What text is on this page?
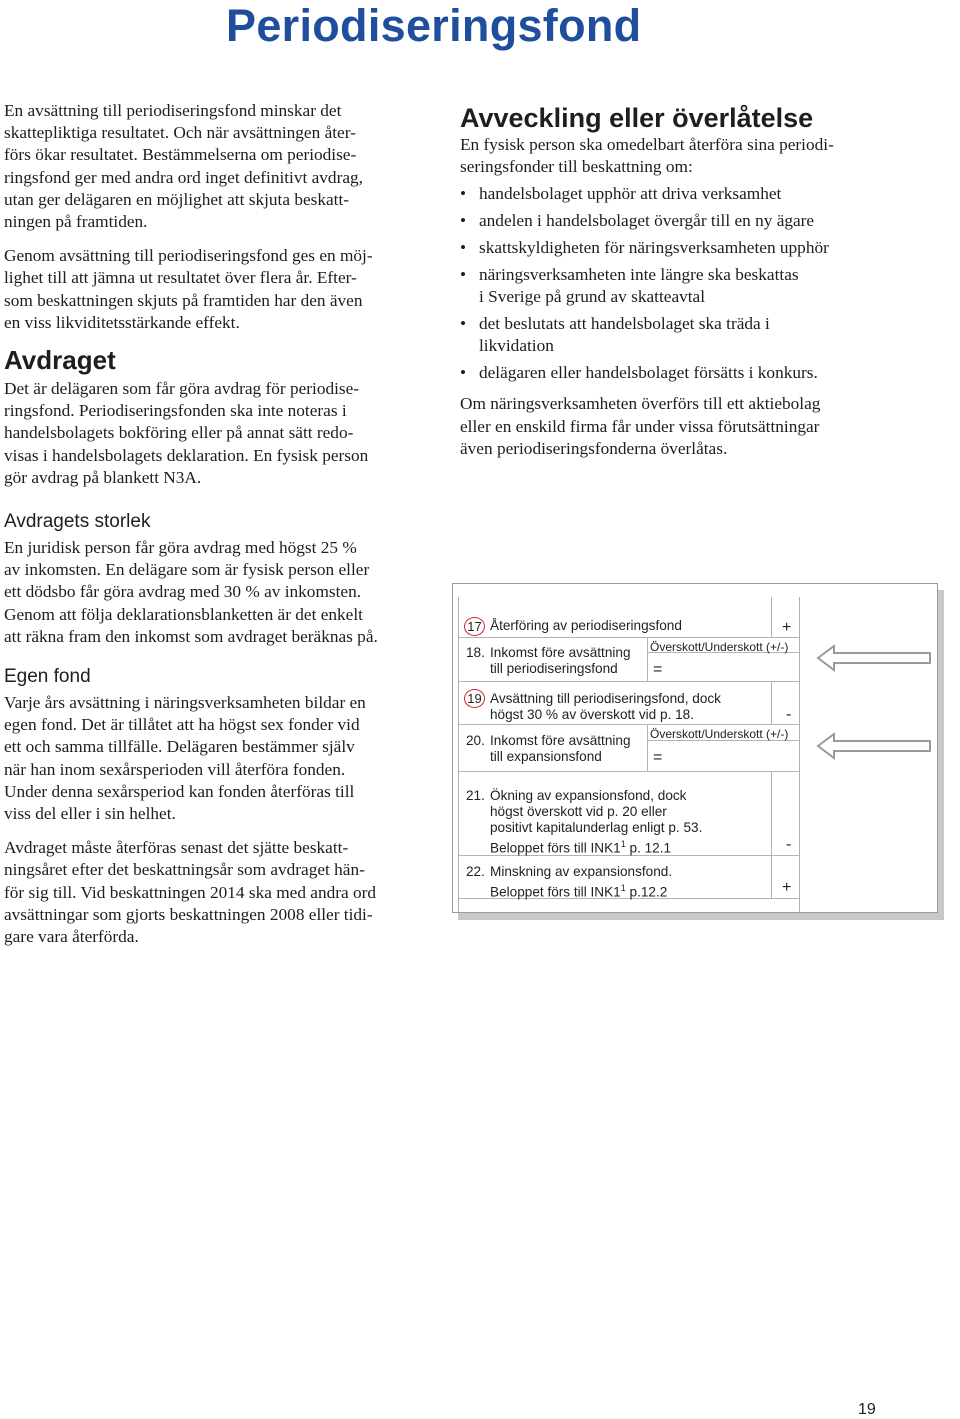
Periodiseringsfond

En avsättning till periodiseringsfond minskar det
skattepliktiga resultatet. Och när avsättningen åter-
förs ökar resultatet. Bestämmelserna om periodise-
ringsfond ger med andra ord inget definitivt avdrag,
utan ger delägaren en möjlighet att skjuta beskatt-
ningen på framtiden.

Genom avsättning till periodiseringsfond ges en möj-
lighet till att jämna ut resultatet över flera år. Efter-
som beskattningen skjuts på framtiden har den även
en viss likviditetsstärkande effekt.

Avdraget

Det är delägaren som får göra avdrag för periodise-
ringsfond. Periodiseringsfonden ska inte noteras i
handelsbolagets bokföring eller på annat sätt redo-
visas i handelsbolagets deklaration. En fysisk person
gör avdrag på blankett N3A.

Avdragets storlek

En juridisk person får göra avdrag med högst 25 %
av inkomsten. En delägare som är fysisk person eller
ett dödsbo får göra avdrag med 30 % av inkomsten.
Genom att följa deklarationsblanketten är det enkelt
att räkna fram den inkomst som avdraget beräknas på.

Egen fond

Varje års avsättning i näringsverksamheten bildar en
egen fond. Det är tillåtet att ha högst sex fonder vid
ett och samma tillfälle. Delägaren bestämmer själv
när han inom sexårsperioden vill återföra fonden.
Under denna sexårsperiod kan fonden återföras till
viss del eller i sin helhet.

Avdraget måste återföras senast det sjätte beskatt-
ningsåret efter det beskattningsår som avdraget hän-
för sig till. Vid beskattningen 2014 ska med andra ord
avsättningar som gjorts beskattningen 2008 eller tidi-
gare vara återförda.

Avveckling eller överlåtelse

En fysisk person ska omedelbart återföra sina periodi-
seringsfonder till beskattning om:

• handelsbolaget upphör att driva verksamhet
• andelen i handelsbolaget övergår till en ny ägare
• skattskyldigheten för näringsverksamheten upphör
• näringsverksamheten inte längre ska beskattas
i Sverige på grund av skatteavtal
• det beslutats att handelsbolaget ska träda i
likvidation
• delägaren eller handelsbolaget försätts i konkurs.

Om näringsverksamheten överförs till ett aktiebolag
eller en enskild firma får under vissa förutsättningar
även periodiseringsfonderna överlåtas.

17 Återföring av periodiseringsfond	+
18. Inkomst före avsättning
till periodiseringsfond
Överskott/Underskott (+/-)
=
19 Avsättning till periodiseringsfond, dock
högst 30 % av överskott vid p. 18.	-
20. Inkomst före avsättning
till expansionsfond
Överskott/Underskott (+/-)
=
21. Ökning av expansionsfond, dock
högst överskott vid p. 20 eller
positivt kapitalunderlag enligt p. 53.
Beloppet förs till $INK1^1$ p. 12.1	-
22. Minskning av expansionsfond.
Beloppet förs till $INK1^1$ p.12.2	+
19
